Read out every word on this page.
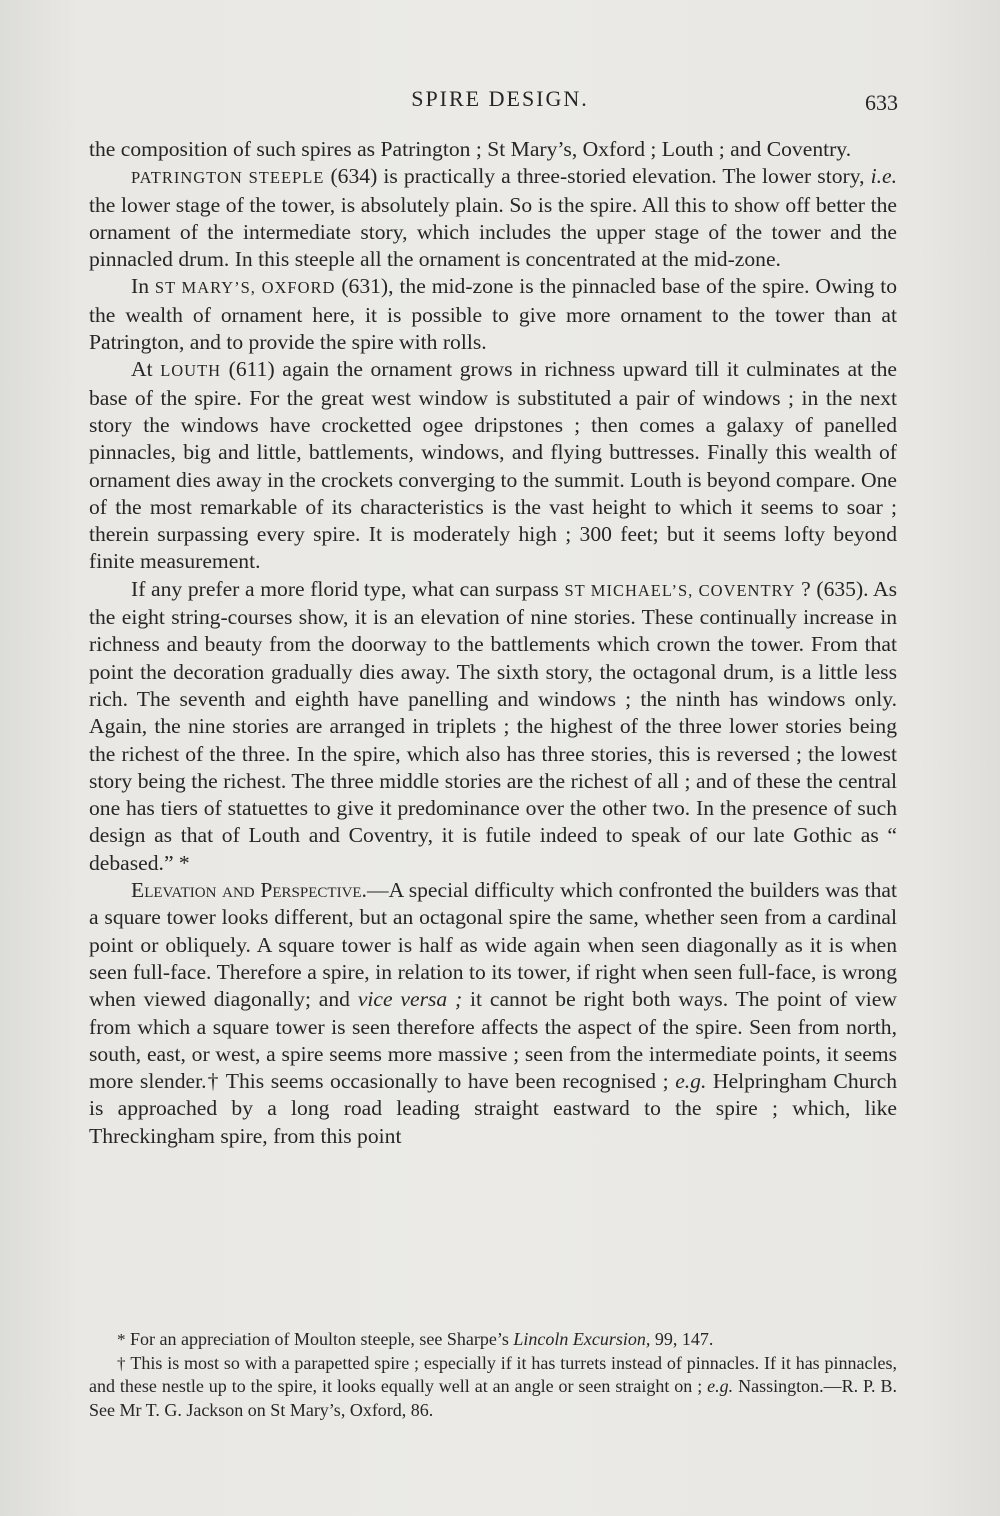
SPIRE DESIGN.	633

the composition of such spires as Patrington ; St Mary’s, Oxford ; Louth ; and Coventry.

PATRINGTON STEEPLE (634) is practically a three-storied elevation. The lower story, i.e. the lower stage of the tower, is absolutely plain. So is the spire. All this to show off better the ornament of the intermediate story, which includes the upper stage of the tower and the pinnacled drum. In this steeple all the ornament is concentrated at the mid-zone.

In ST MARY’S, OXFORD (631), the mid-zone is the pinnacled base of the spire. Owing to the wealth of ornament here, it is possible to give more ornament to the tower than at Patrington, and to provide the spire with rolls.

At LOUTH (611) again the ornament grows in richness upward till it culminates at the base of the spire. For the great west window is substituted a pair of windows ; in the next story the windows have crocketted ogee dripstones ; then comes a galaxy of panelled pinnacles, big and little, battlements, windows, and flying buttresses. Finally this wealth of ornament dies away in the crockets converging to the summit. Louth is beyond compare. One of the most remarkable of its characteristics is the vast height to which it seems to soar ; therein surpassing every spire. It is moderately high ; 300 feet; but it seems lofty beyond finite measurement.

If any prefer a more florid type, what can surpass ST MICHAEL’S, COVENTRY ? (635). As the eight string-courses show, it is an elevation of nine stories. These continually increase in richness and beauty from the doorway to the battlements which crown the tower. From that point the decoration gradually dies away. The sixth story, the octagonal drum, is a little less rich. The seventh and eighth have panelling and windows ; the ninth has windows only. Again, the nine stories are arranged in triplets ; the highest of the three lower stories being the richest of the three. In the spire, which also has three stories, this is reversed ; the lowest story being the richest. The three middle stories are the richest of all ; and of these the central one has tiers of statuettes to give it predominance over the other two. In the presence of such design as that of Louth and Coventry, it is futile indeed to speak of our late Gothic as “ debased.” *

Elevation and Perspective.—A special difficulty which confronted the builders was that a square tower looks different, but an octagonal spire the same, whether seen from a cardinal point or obliquely. A square tower is half as wide again when seen diagonally as it is when seen full-face. Therefore a spire, in relation to its tower, if right when seen full-face, is wrong when viewed diagonally; and vice versa ; it cannot be right both ways. The point of view from which a square tower is seen therefore affects the aspect of the spire. Seen from north, south, east, or west, a spire seems more massive ; seen from the intermediate points, it seems more slender.† This seems occasionally to have been recognised ; e.g. Helpringham Church is approached by a long road leading straight eastward to the spire ; which, like Threckingham spire, from this point

* For an appreciation of Moulton steeple, see Sharpe’s Lincoln Excursion, 99, 147.

† This is most so with a parapetted spire ; especially if it has turrets instead of pinnacles. If it has pinnacles, and these nestle up to the spire, it looks equally well at an angle or seen straight on ; e.g. Nassington.—R. P. B. See Mr T. G. Jackson on St Mary’s, Oxford, 86.
